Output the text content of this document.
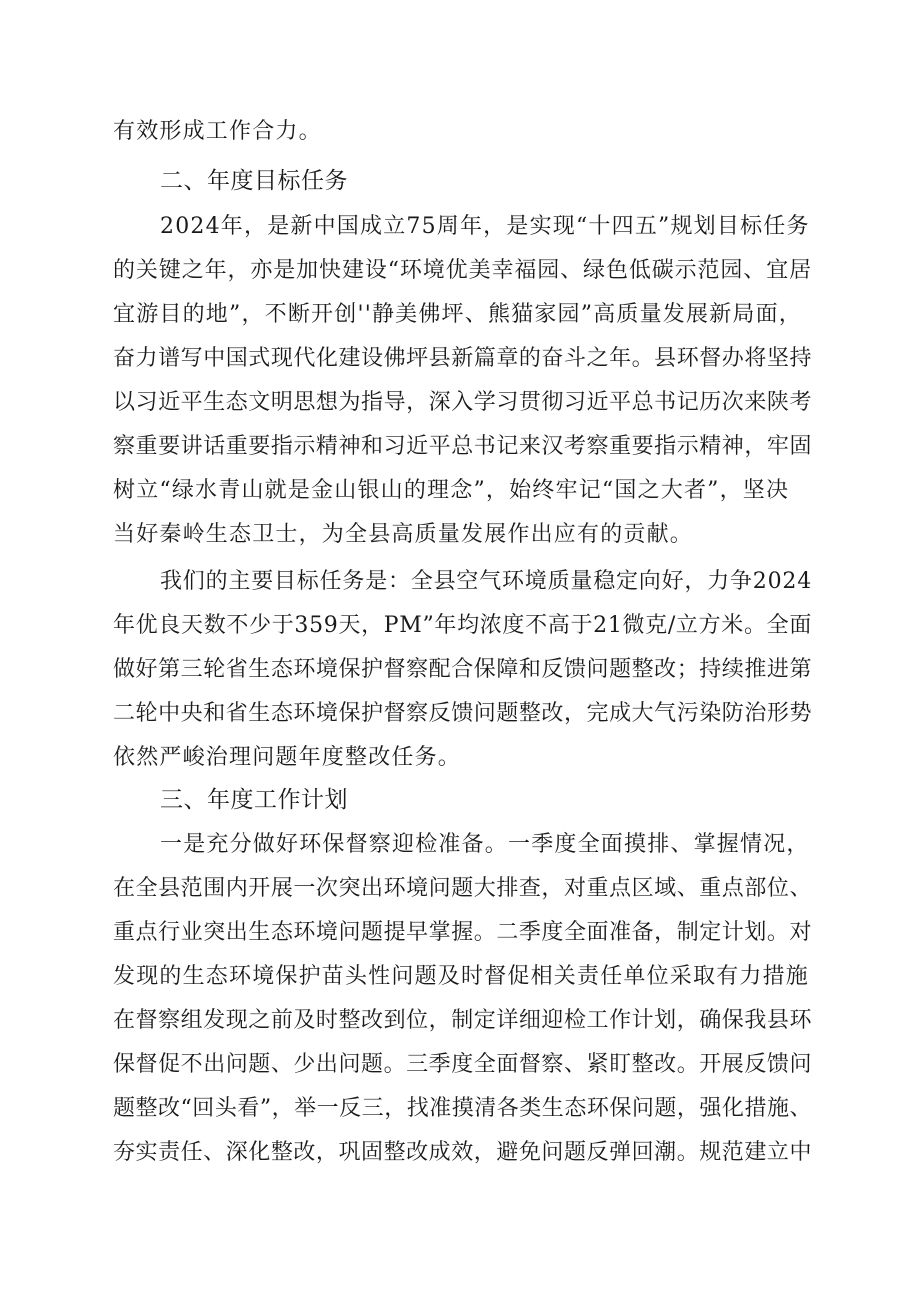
有效形成工作合力。
二、年度目标任务
2024年，是新中国成立75周年，是实现“十四五”规划目标任务
的关键之年，亦是加快建设“环境优美幸福园、绿色低碳示范园、宜居
宜游目的地”，不断开创''静美佛坪、熊猫家园”高质量发展新局面，
奋力谱写中国式现代化建设佛坪县新篇章的奋斗之年。县环督办将坚持
以习近平生态文明思想为指导，深入学习贯彻习近平总书记历次来陕考
察重要讲话重要指示精神和习近平总书记来汉考察重要指示精神，牢固
树立“绿水青山就是金山银山的理念”，始终牢记“国之大者”，坚决
当好秦岭生态卫士，为全县高质量发展作出应有的贡献。
我们的主要目标任务是：全县空气环境质量稳定向好，力争2024
年优良天数不少于359天，PM”年均浓度不高于21微克/立方米。全面
做好第三轮省生态环境保护督察配合保障和反馈问题整改；持续推进第
二轮中央和省生态环境保护督察反馈问题整改，完成大气污染防治形势
依然严峻治理问题年度整改任务。
三、年度工作计划
一是充分做好环保督察迎检准备。一季度全面摸排、掌握情况，
在全县范围内开展一次突出环境问题大排查，对重点区域、重点部位、
重点行业突出生态环境问题提早掌握。二季度全面准备，制定计划。对
发现的生态环境保护苗头性问题及时督促相关责任单位采取有力措施
在督察组发现之前及时整改到位，制定详细迎检工作计划，确保我县环
保督促不出问题、少出问题。三季度全面督察、紧盯整改。开展反馈问
题整改“回头看”，举一反三，找准摸清各类生态环保问题，强化措施、
夯实责任、深化整改，巩固整改成效，避免问题反弹回潮。规范建立中
